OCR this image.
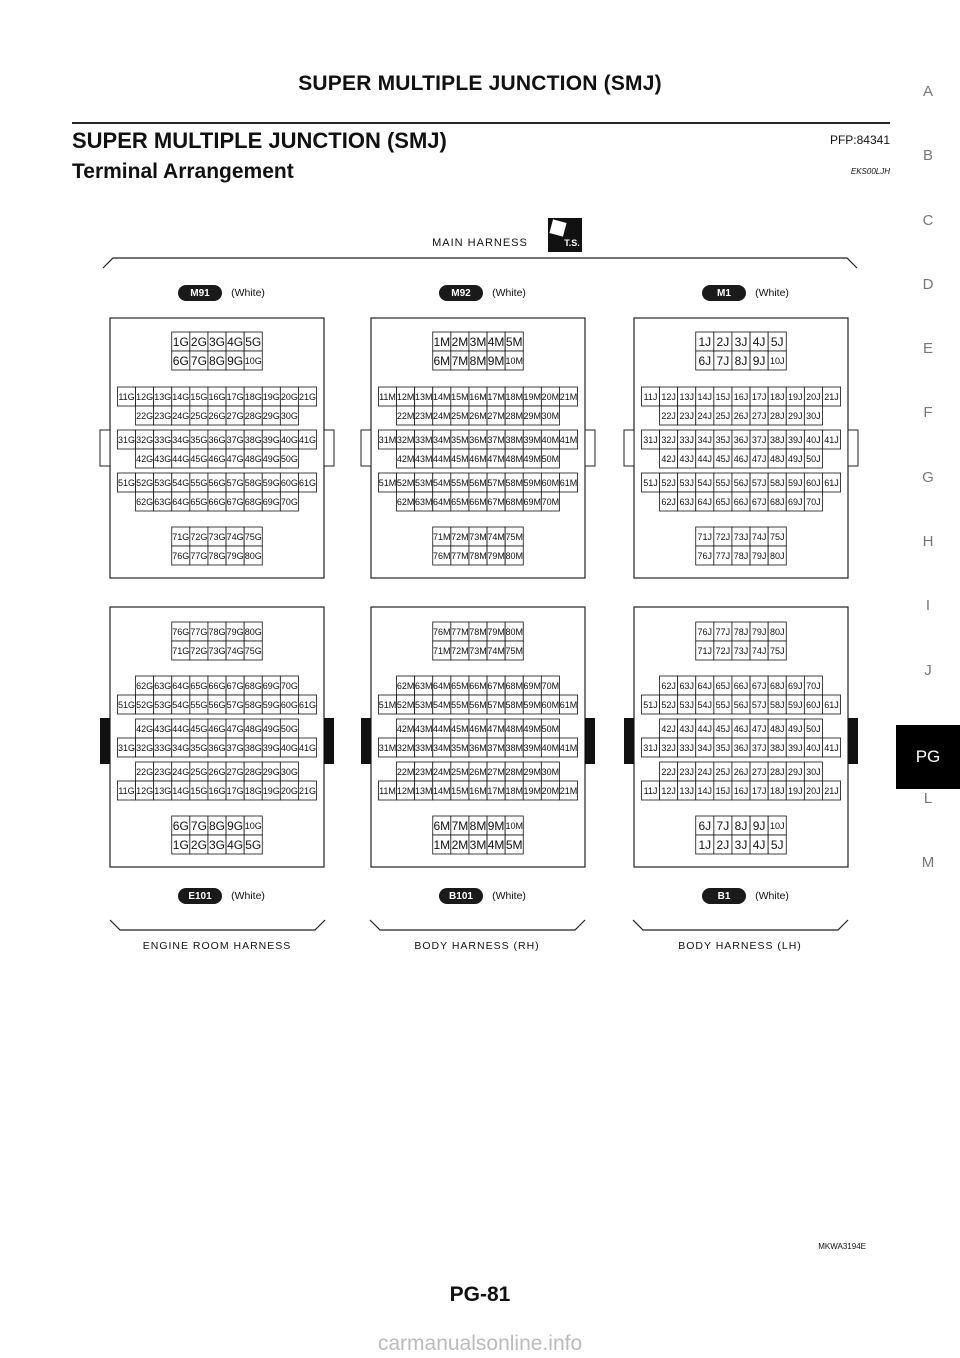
SUPER MULTIPLE JUNCTION (SMJ)
SUPER MULTIPLE JUNCTION (SMJ)	PFP:84341
Terminal Arrangement	EKS00LJH
A
B
C
D
E
F
G
H
I
J
PG
L
M
MAIN HARNESS	T.S.
ENGINE ROOM HARNESS	BODY HARNESS (RH)	BODY HARNESS (LH)
M91 (White)
1G 2G 3G 4G 5G
6G 7G 8G 9G 10G
11G 12G 13G 14G 15G 16G 17G 18G 19G 20G 21G
22G 23G 24G 25G 26G 27G 28G 29G 30G
31G 32G 33G 34G 35G 36G 37G 38G 39G 40G 41G
42G 43G 44G 45G 46G 47G 48G 49G 50G
51G 52G 53G 54G 55G 56G 57G 58G 59G 60G 61G
62G 63G 64G 65G 66G 67G 68G 69G 70G
71G 72G 73G 74G 75G
76G 77G 78G 79G 80G
76G 77G 78G 79G 80G
71G 72G 73G 74G 75G
62G 63G 64G 65G 66G 67G 68G 69G 70G
51G 52G 53G 54G 55G 56G 57G 58G 59G 60G 61G
42G 43G 44G 45G 46G 47G 48G 49G 50G
31G 32G 33G 34G 35G 36G 37G 38G 39G 40G 41G
22G 23G 24G 25G 26G 27G 28G 29G 30G
11G 12G 13G 14G 15G 16G 17G 18G 19G 20G 21G
6G 7G 8G 9G 10G
1G 2G 3G 4G 5G
E101 (White)
M92 (White)
1M 2M 3M 4M 5M
6M 7M 8M 9M 10M
11M 12M 13M 14M 15M 16M 17M 18M 19M 20M 21M
22M 23M 24M 25M 26M 27M 28M 29M 30M
31M 32M 33M 34M 35M 36M 37M 38M 39M 40M 41M
42M 43M 44M 45M 46M 47M 48M 49M 50M
51M 52M 53M 54M 55M 56M 57M 58M 59M 60M 61M
62M 63M 64M 65M 66M 67M 68M 69M 70M
71M 72M 73M 74M 75M
76M 77M 78M 79M 80M
76M 77M 78M 79M 80M
71M 72M 73M 74M 75M
62M 63M 64M 65M 66M 67M 68M 69M 70M
51M 52M 53M 54M 55M 56M 57M 58M 59M 60M 61M
42M 43M 44M 45M 46M 47M 48M 49M 50M
31M 32M 33M 34M 35M 36M 37M 38M 39M 40M 41M
22M 23M 24M 25M 26M 27M 28M 29M 30M
11M 12M 13M 14M 15M 16M 17M 18M 19M 20M 21M
6M 7M 8M 9M 10M
1M 2M 3M 4M 5M
B101 (White)
M1 (White)
1J 2J 3J 4J 5J
6J 7J 8J 9J 10J
11J 12J 13J 14J 15J 16J 17J 18J 19J 20J 21J
22J 23J 24J 25J 26J 27J 28J 29J 30J
31J 32J 33J 34J 35J 36J 37J 38J 39J 40J 41J
42J 43J 44J 45J 46J 47J 48J 49J 50J
51J 52J 53J 54J 55J 56J 57J 58J 59J 60J 61J
62J 63J 64J 65J 66J 67J 68J 69J 70J
71J 72J 73J 74J 75J
76J 77J 78J 79J 80J
76J 77J 78J 79J 80J
71J 72J 73J 74J 75J
62J 63J 64J 65J 66J 67J 68J 69J 70J
51J 52J 53J 54J 55J 56J 57J 58J 59J 60J 61J
42J 43J 44J 45J 46J 47J 48J 49J 50J
31J 32J 33J 34J 35J 36J 37J 38J 39J 40J 41J
22J 23J 24J 25J 26J 27J 28J 29J 30J
11J 12J 13J 14J 15J 16J 17J 18J 19J 20J 21J
6J 7J 8J 9J 10J
1J 2J 3J 4J 5J
B1 (White)
MKWA3194E
PG-81
carmanualsonline.info
